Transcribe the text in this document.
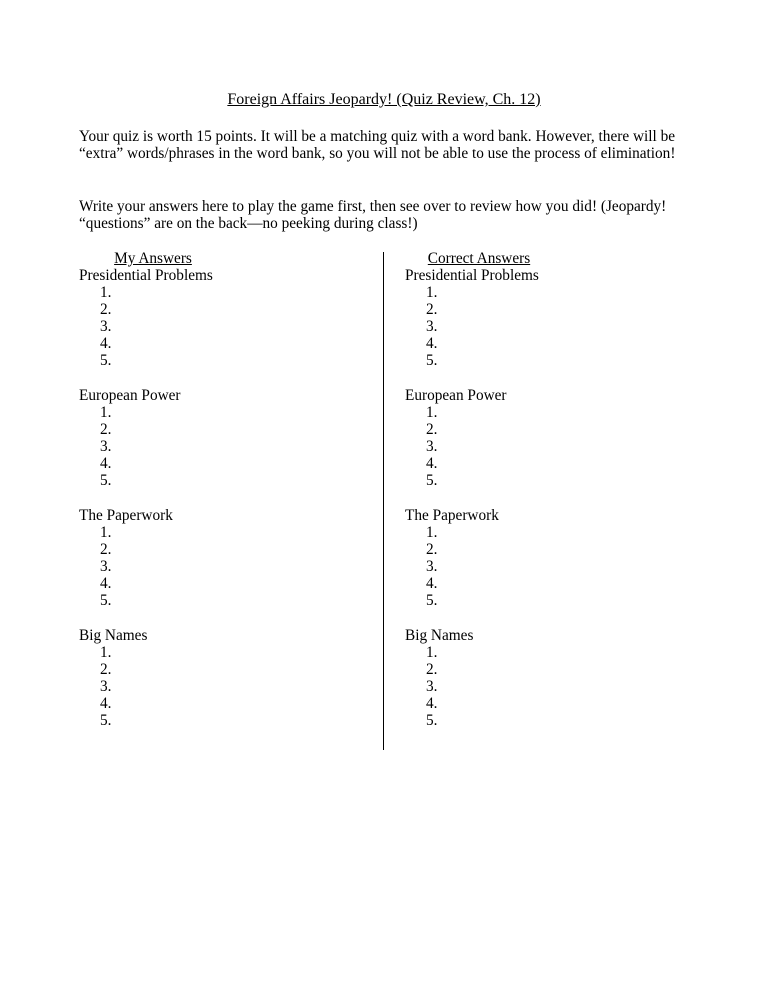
Foreign Affairs Jeopardy! (Quiz Review, Ch. 12)

Your quiz is worth 15 points. It will be a matching quiz with a word bank. However, there will be “extra” words/phrases in the word bank, so you will not be able to use the process of elimination!

Write your answers here to play the game first, then see over to review how you did! (Jeopardy! “questions” are on the back—no peeking during class!)

My Answers
Presidential Problems
1.
2.
3.
4.
5.
European Power
1.
2.
3.
4.
5.
The Paperwork
1.
2.
3.
4.
5.
Big Names
1.
2.
3.
4.
5.
Correct Answers
Presidential Problems
1.
2.
3.
4.
5.
European Power
1.
2.
3.
4.
5.
The Paperwork
1.
2.
3.
4.
5.
Big Names
1.
2.
3.
4.
5.
